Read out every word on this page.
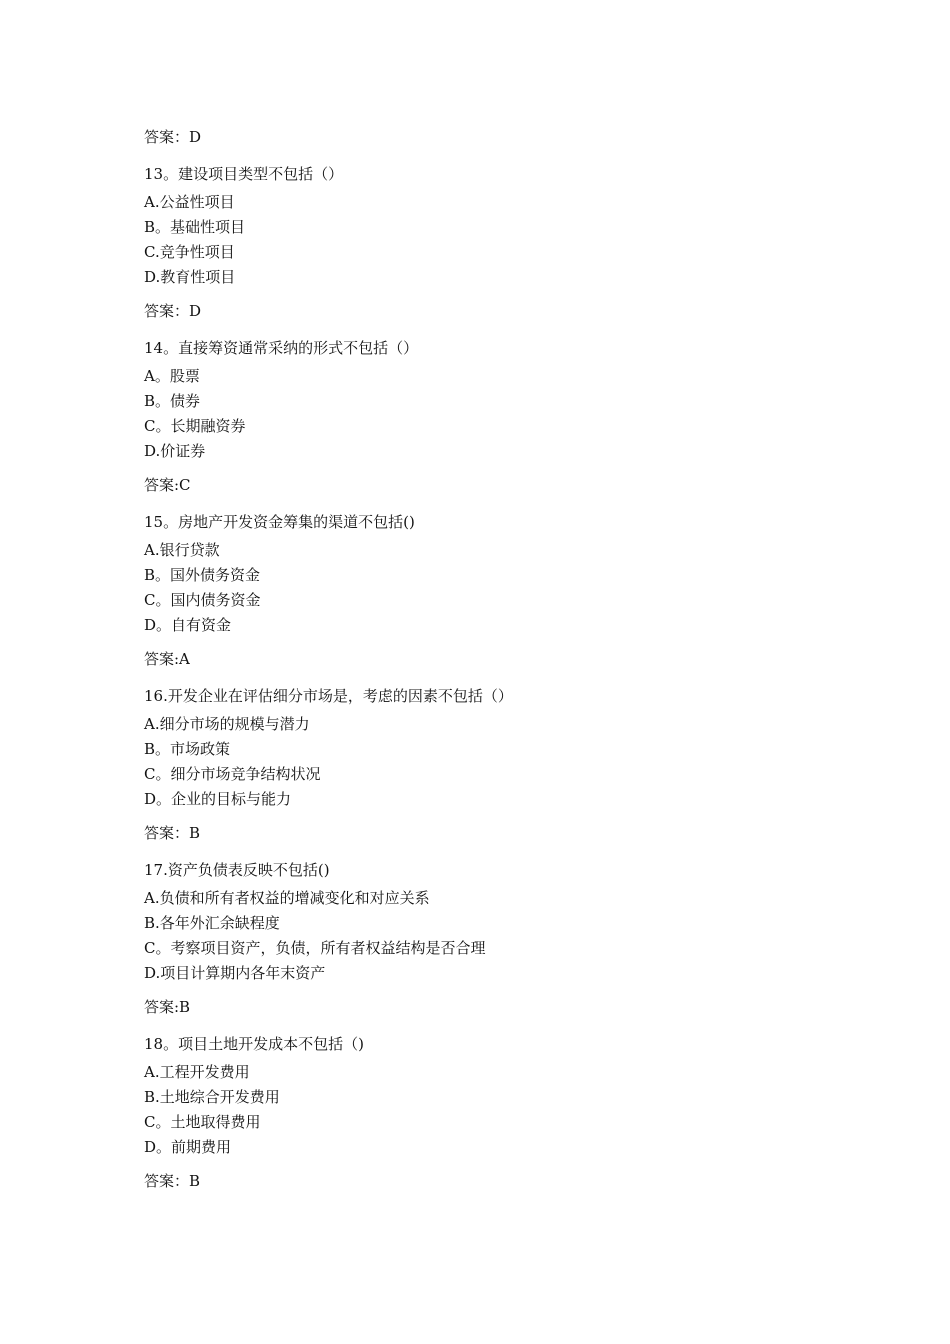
答案：D

13。建设项目类型不包括（）

A.公益性项目

B。基础性项目

C.竞争性项目

D.教育性项目

答案：D

14。直接筹资通常采纳的形式不包括（）

A。股票

B。债券

C。长期融资券

D.价证券

答案:C

15。房地产开发资金筹集的渠道不包括()

A.银行贷款

B。国外债务资金

C。国内债务资金

D。自有资金

答案:A

16.开发企业在评估细分市场是，考虑的因素不包括（）

A.细分市场的规模与潜力

B。市场政策

C。细分市场竞争结构状况

D。企业的目标与能力

答案：B

17.资产负债表反映不包括()

A.负债和所有者权益的增减变化和对应关系

B.各年外汇余缺程度

C。考察项目资产，负债，所有者权益结构是否合理

D.项目计算期内各年末资产

答案:B

18。项目土地开发成本不包括（)

A.工程开发费用

B.土地综合开发费用

C。土地取得费用

D。前期费用

答案：B
